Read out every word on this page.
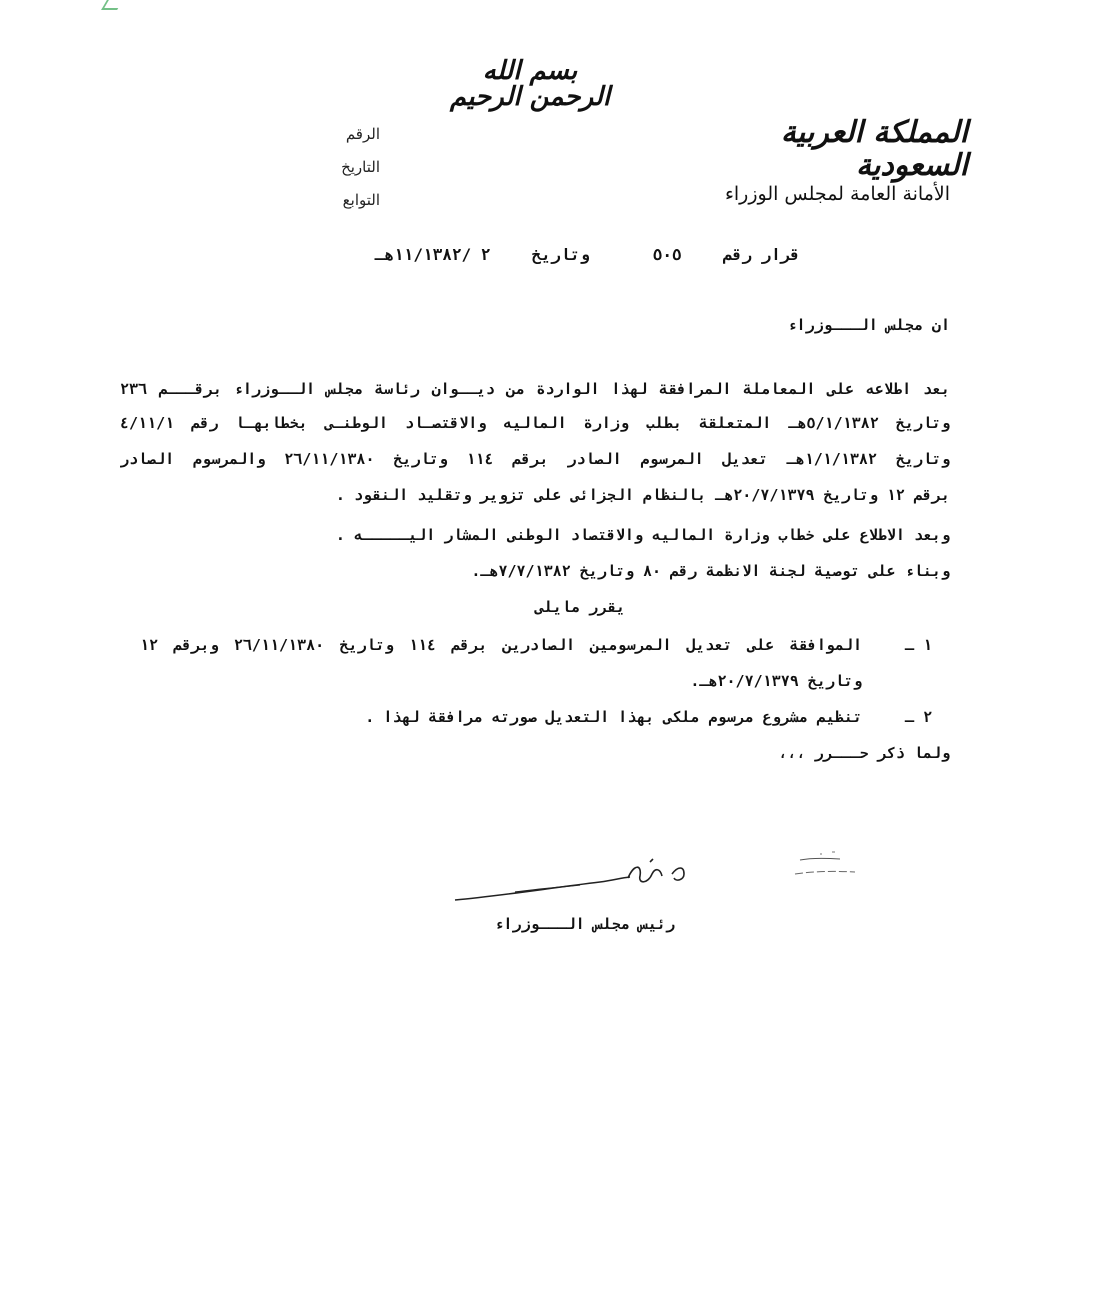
بسم الله الرحمن الرحيم
الرقم
التاريخ
التوابع
المملكة العربية السعودية
الأمانة العامة لمجلس الوزراء
قرار رقم  ٥٠٥  وتاريخ  ٢ /١١/١٣٨٢هـ
ان مجلس الـــوزراء
بعد اطلاعه على المعاملة المرافقة لهذا الواردة من ديــوان رئاسة مجلس الــوزراء برقـــم ٢٣٦
وتاريخ ٥/١/١٣٨٢هـ المتعلقة بطلب وزارة الماليه والاقتصـاد الوطنـى بخطابهـا رقم ٤/١١/١
وتاريخ ١/١/١٣٨٢هـ تعديل المرسوم الصادر برقم ١١٤ وتاريخ ٢٦/١١/١٣٨٠ والمرسوم الصادر
برقم ١٢ وتاريخ ٢٠/٧/١٣٧٩هـ بالنظام الجزائى على تزوير وتقليد النقود .
وبعد الاطلاع على خطاب وزارة الماليه والاقتصاد الوطنى المشار اليـــــه .
وبناء على توصية لجنة الانظمة رقم ٨٠ وتاريخ ٧/٧/١٣٨٢هـ.
يقرر مايلى
١ ـ
الموافقة على تعديل المرسومين الصادرين برقم ١١٤ وتاريخ ٢٦/١١/١٣٨٠ وبرقم ١٢
وتاريخ ٢٠/٧/١٣٧٩هـ.
٢ ـ
تنظيم مشروع مرسوم ملكى بهذا التعديل صورته مرافقة لهذا .
ولما ذكر حـــرر ،،،
رئيس مجلس الـــوزراء
